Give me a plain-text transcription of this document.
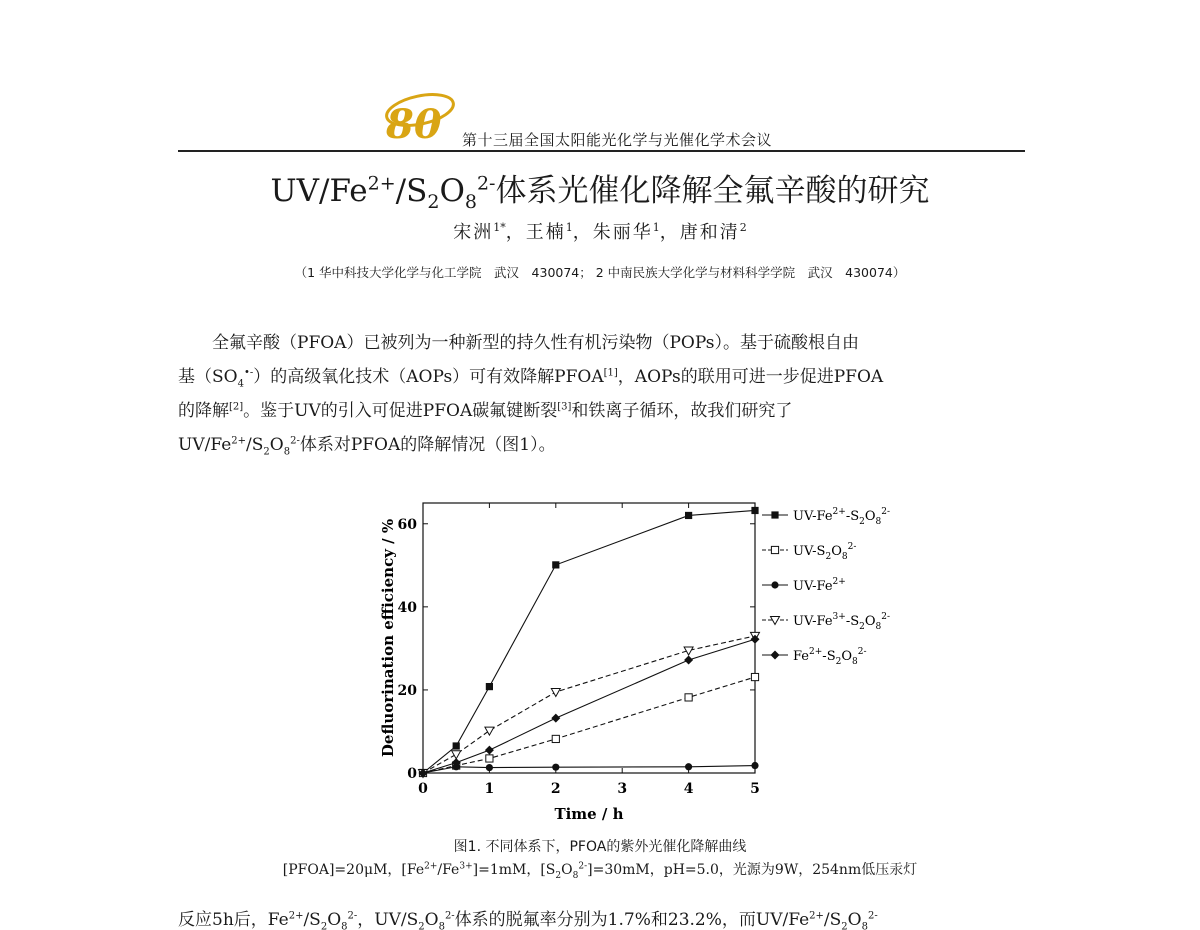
80 第十三届全国太阳能光化学与光催化学术会议
$UV/Fe^{2+}/S_2O_8^{2-}$体系光催化降解全氟辛酸的研究
宋洲$^{1*}$，王楠$^1$，朱丽华$^1$，唐和清$^2$
（1 华中科技大学化学与化工学院　武汉　430074； 2 中南民族大学化学与材料科学学院　武汉　430074）

全氟辛酸（PFOA）已被列为一种新型的持久性有机污染物（POPs）。基于硫酸根自由

基$(SO_4^{•-})$的高级氧化技术（AOPs）可有效降解PFOA[1]，AOPs的联用可进一步促进PFOA

的降解[2]。鉴于UV的引入可促进PFOA碳氟键断裂[3]和铁离子循环，故我们研究了

$UV/Fe^{2+}/S_2O_8^{2-}$体系对PFOA的降解情况（图1）。

0	1	2	3	4	5
0
20
40
60
Time / h
Defluorination efficiency / %
$UV-Fe^{2+}-S_2O_8^{2-}$
$UV-S_2O_8^{2-}$
$UV-Fe^{2+}$
$UV-Fe^{3+}-S_2O_8^{2-}$
$Fe^{2+}-S_2O_8^{2-}$
图1. 不同体系下，PFOA的紫外光催化降解曲线
[PFOA]=20μM，$[Fe^{2+}/Fe^{3+}]=1mM$，$[S_2O_8^{2-}]=30mM$，pH=5.0，光源为9W，254nm低压汞灯
反应5h后，$Fe^{2+}/S_2O_8^{2-}$，$UV/S_2O_8^{2-}$体系的脱氟率分别为1.7%和23.2%，而$UV/Fe^{2+}/S_2O_8^{2-}$
